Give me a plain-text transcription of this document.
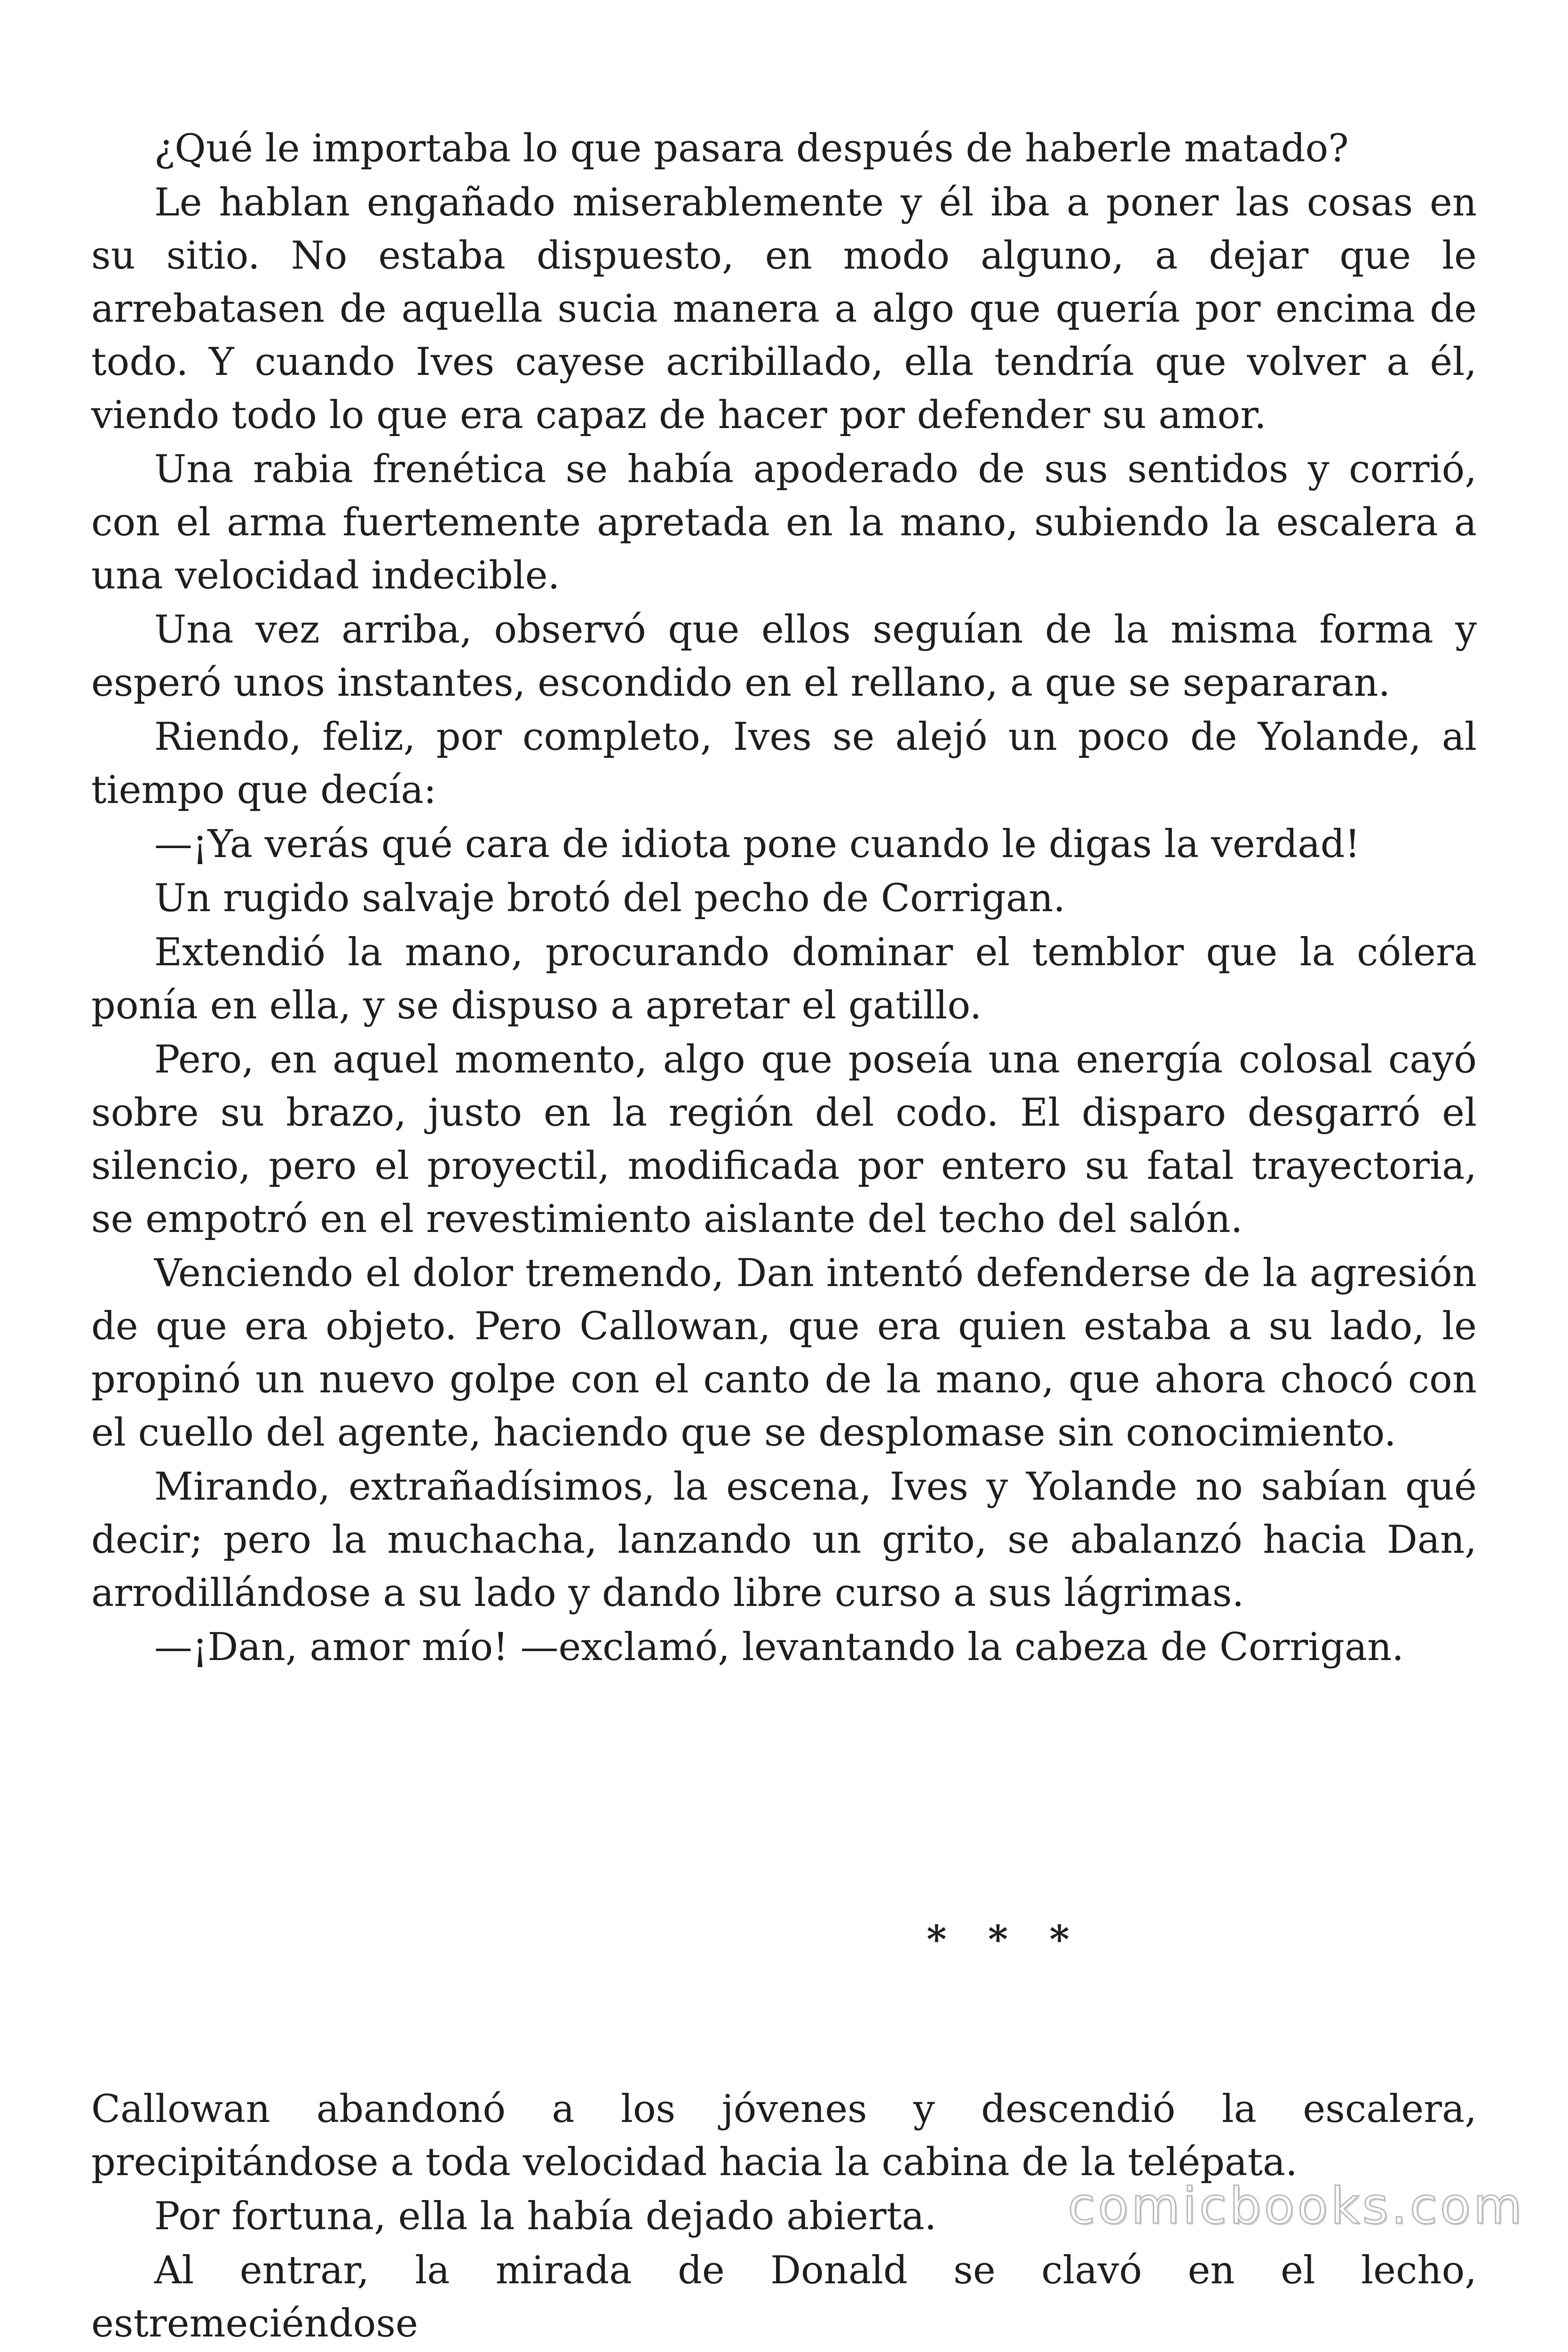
¿Qué le importaba lo que pasara después de haberle matado?

Le hablan engañado miserablemente y él iba a poner las cosas en su sitio. No estaba dispuesto, en modo alguno, a dejar que le arrebatasen de aquella sucia manera a algo que quería por encima de todo. Y cuando Ives cayese acribillado, ella tendría que volver a él, viendo todo lo que era capaz de hacer por defender su amor.

Una rabia frenética se había apoderado de sus sentidos y corrió, con el arma fuertemente apretada en la mano, subiendo la escalera a una velocidad indecible.

Una vez arriba, observó que ellos seguían de la misma forma y esperó unos instantes, escondido en el rellano, a que se separaran.

Riendo, feliz, por completo, Ives se alejó un poco de Yolande, al tiempo que decía:

—¡Ya verás qué cara de idiota pone cuando le digas la verdad!

Un rugido salvaje brotó del pecho de Corrigan.

Extendió la mano, procurando dominar el temblor que la cólera ponía en ella, y se dispuso a apretar el gatillo.

Pero, en aquel momento, algo que poseía una energía colosal cayó sobre su brazo, justo en la región del codo. El disparo desgarró el silencio, pero el proyectil, modificada por entero su fatal trayectoria, se empotró en el revestimiento aislante del techo del salón.

Venciendo el dolor tremendo, Dan intentó defenderse de la agresión de que era objeto. Pero Callowan, que era quien estaba a su lado, le propinó un nuevo golpe con el canto de la mano, que ahora chocó con el cuello del agente, haciendo que se desplomase sin conocimiento.

Mirando, extrañadísimos, la escena, Ives y Yolande no sabían qué decir; pero la muchacha, lanzando un grito, se abalanzó hacia Dan, arrodillándose a su lado y dando libre curso a sus lágrimas.

—¡Dan, amor mío! —exclamó, levantando la cabeza de Corrigan.

* * *

Callowan abandonó a los jóvenes y descendió la escalera, precipitándose a toda velocidad hacia la cabina de la telépata.

Por fortuna, ella la había dejado abierta.

Al entrar, la mirada de Donald se clavó en el lecho, estremeciéndose

comicbooks.com
